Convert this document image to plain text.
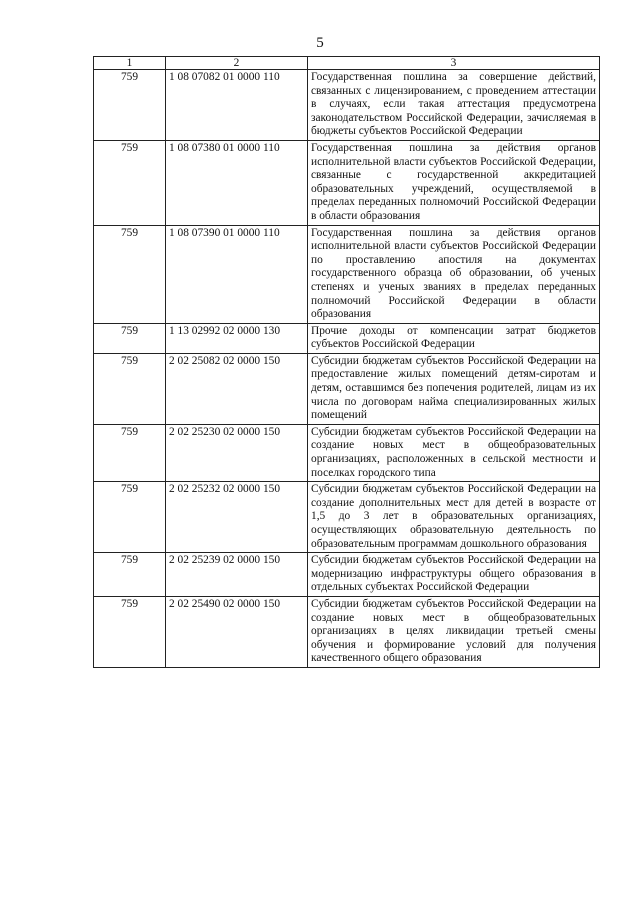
5
1	2	3
759	1 08 07082 01 0000 110	Государственная пошлина за совершение действий, связанных с лицензированием, с проведением аттестации в случаях, если такая аттестация предусмотрена законодательством Российской Федерации, зачисляемая в бюджеты субъектов Российской Федерации
759	1 08 07380 01 0000 110	Государственная пошлина за действия органов исполнительной власти субъектов Российской Федерации, связанные с государственной аккредитацией образовательных учреждений, осуществляемой в пределах переданных полномочий Российской Федерации в области образования
759	1 08 07390 01 0000 110	Государственная пошлина за действия органов исполнительной власти субъектов Российской Федерации по проставлению апостиля на документах государственного образца об образовании, об ученых степенях и ученых званиях в пределах переданных полномочий Российской Федерации в области образования
759	1 13 02992 02 0000 130	Прочие доходы от компенсации затрат бюджетов субъектов Российской Федерации
759	2 02 25082 02 0000 150	Субсидии бюджетам субъектов Российской Федерации на предоставление жилых помещений детям-сиротам и детям, оставшимся без попечения родителей, лицам из их числа по договорам найма специализированных жилых помещений
759	2 02 25230 02 0000 150	Субсидии бюджетам субъектов Российской Федерации на создание новых мест в общеобразовательных организациях, расположенных в сельской местности и поселках городского типа
759	2 02 25232 02 0000 150	Субсидии бюджетам субъектов Российской Федерации на создание дополнительных мест для детей в возрасте от 1,5 до 3 лет в образовательных организациях, осуществляющих образовательную деятельность по образовательным программам дошкольного образования
759	2 02 25239 02 0000 150	Субсидии бюджетам субъектов Российской Федерации на модернизацию инфраструктуры общего образования в отдельных субъектах Российской Федерации
759	2 02 25490 02 0000 150	Субсидии бюджетам субъектов Российской Федерации на создание новых мест в общеобразовательных организациях в целях ликвидации третьей смены обучения и формирование условий для получения качественного общего образования
